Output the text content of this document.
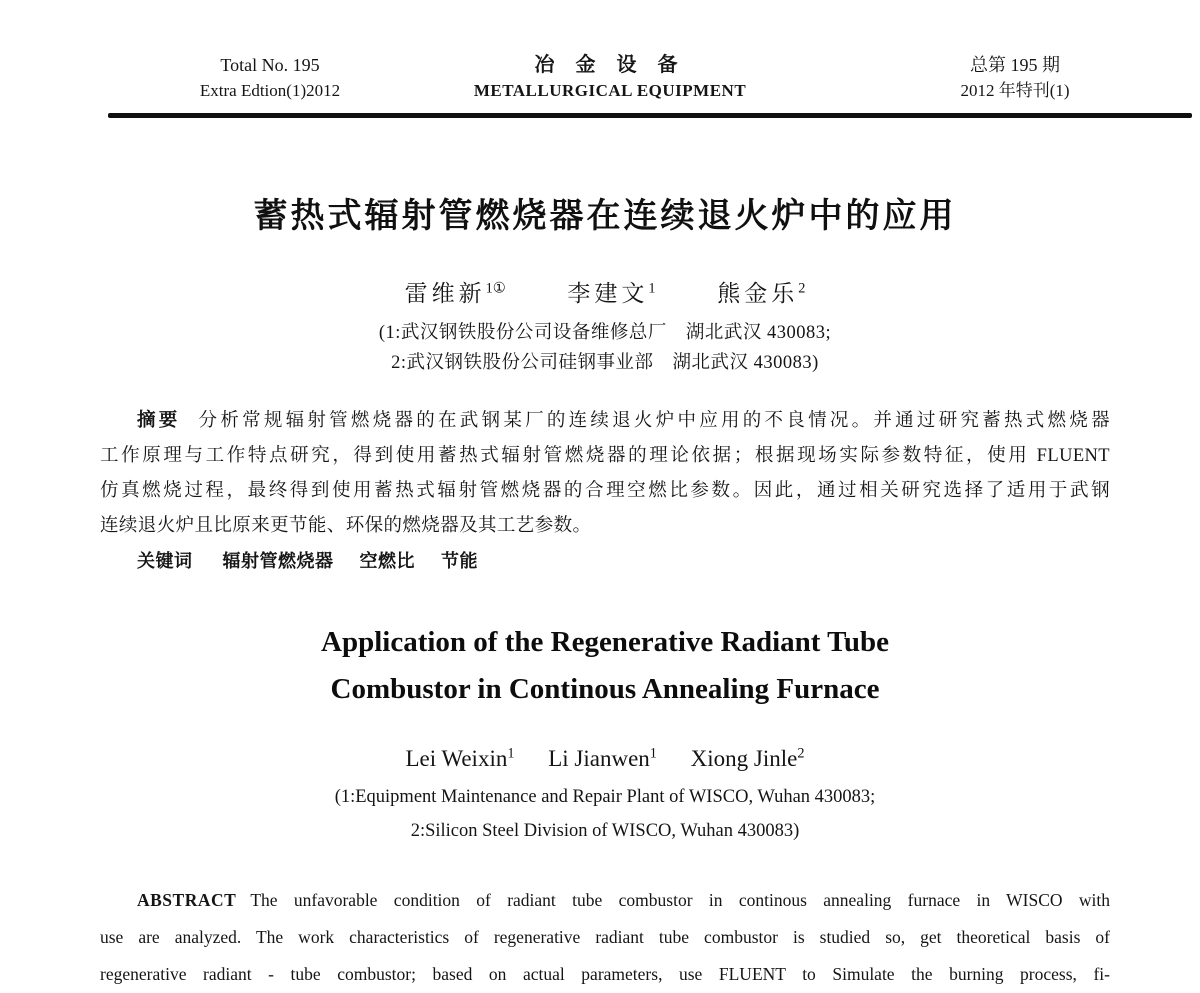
Total No. 195
Extra Edtion(1)2012
冶 金 设 备
METALLURGICAL EQUIPMENT
总第 195 期
2012 年特刊(1)
蓄热式辐射管燃烧器在连续退火炉中的应用
雷维新$^{1①}$	李建文$^1$	熊金乐$^2$
(1:武汉钢铁股份公司设备维修总厂　湖北武汉 430083;
2:武汉钢铁股份公司硅钢事业部　湖北武汉 430083)
摘要 分析常规辐射管燃烧器的在武钢某厂的连续退火炉中应用的不良情况。并通过研究蓄热式燃烧器
工作原理与工作特点研究，得到使用蓄热式辐射管燃烧器的理论依据；根据现场实际参数特征，使用 FLUENT
仿真燃烧过程，最终得到使用蓄热式辐射管燃烧器的合理空燃比参数。因此，通过相关研究选择了适用于武钢
连续退火炉且比原来更节能、环保的燃烧器及其工艺参数。
关键词 辐射管燃烧器 空燃比 节能
Application of the Regenerative Radiant Tube
Combustor in Continous Annealing Furnace
Lei Weixin$^1$ Li Jianwen$^1$ Xiong Jinle$^2$
(1:Equipment Maintenance and Repair Plant of WISCO, Wuhan 430083;
2:Silicon Steel Division of WISCO, Wuhan 430083)
ABSTRACT The unfavorable condition of radiant tube combustor in continous annealing furnace in WISCO with
use are analyzed. The work characteristics of regenerative radiant tube combustor is studied so, get theoretical basis of
regenerative radiant - tube combustor; based on actual parameters, use FLUENT to Simulate the burning process, fi-
